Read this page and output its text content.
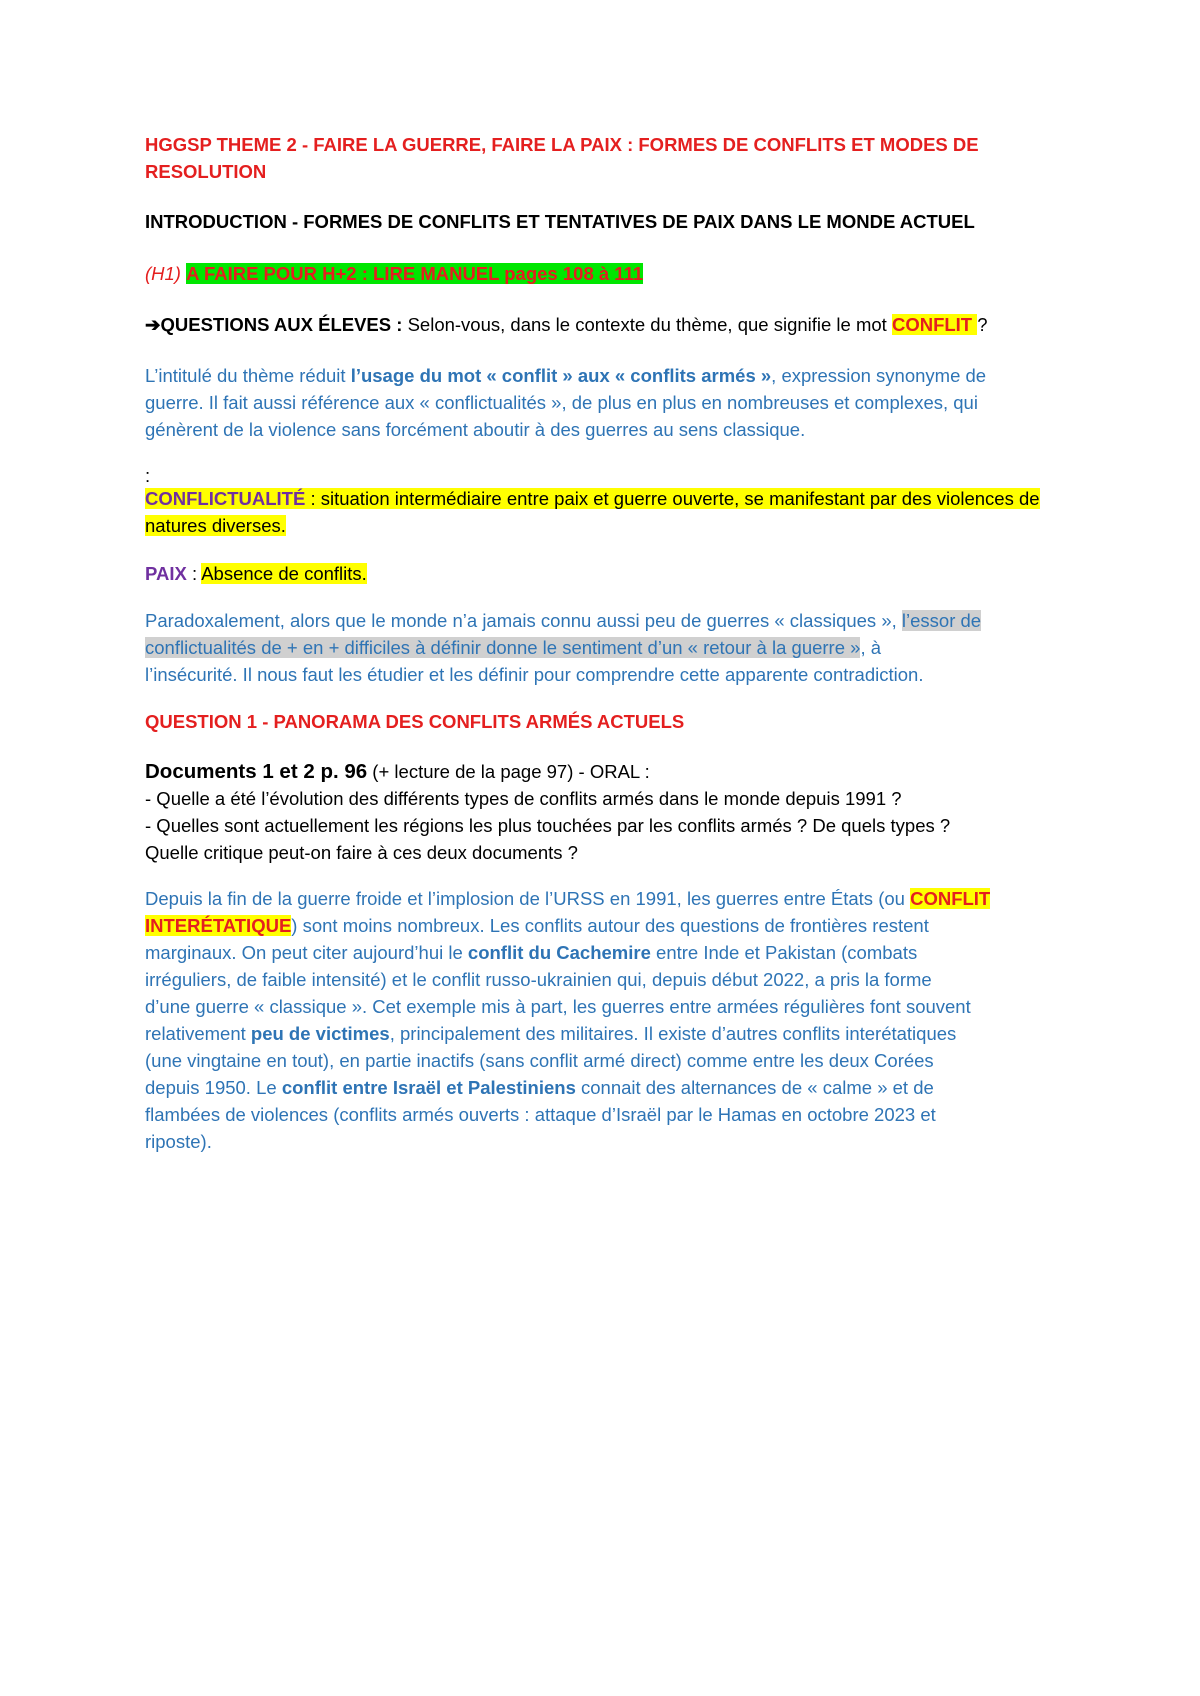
HGGSP THEME 2 - FAIRE LA GUERRE, FAIRE LA PAIX : FORMES DE CONFLITS ET MODES DE
RESOLUTION
INTRODUCTION - FORMES DE CONFLITS ET TENTATIVES DE PAIX DANS LE MONDE ACTUEL
(H1) A FAIRE POUR H+2 : LIRE MANUEL pages 108 à 111
➔QUESTIONS AUX ÉLEVES : Selon-vous, dans le contexte du thème, que signifie le mot CONFLIT ?
L’intitulé du thème réduit l’usage du mot « conflit » aux « conflits armés », expression synonyme de
guerre. Il fait aussi référence aux « conflictualités », de plus en plus en nombreuses et complexes, qui
génèrent de la violence sans forcément aboutir à des guerres au sens classique.
:
CONFLICTUALITÉ : situation intermédiaire entre paix et guerre ouverte, se manifestant par des violences de
natures diverses.
PAIX : Absence de conflits.
Paradoxalement, alors que le monde n’a jamais connu aussi peu de guerres « classiques », l’essor de
conflictualités de + en + difficiles à définir donne le sentiment d’un « retour à la guerre », à
l’insécurité. Il nous faut les étudier et les définir pour comprendre cette apparente contradiction.
QUESTION 1 - PANORAMA DES CONFLITS ARMÉS ACTUELS
Documents 1 et 2 p. 96 (+ lecture de la page 97) - ORAL :
- Quelle a été l’évolution des différents types de conflits armés dans le monde depuis 1991 ?
- Quelles sont actuellement les régions les plus touchées par les conflits armés ? De quels types ?
Quelle critique peut-on faire à ces deux documents ?
Depuis la fin de la guerre froide et l’implosion de l’URSS en 1991, les guerres entre États (ou CONFLIT
INTERÉTATIQUE) sont moins nombreux. Les conflits autour des questions de frontières restent
marginaux. On peut citer aujourd’hui le conflit du Cachemire entre Inde et Pakistan (combats
irréguliers, de faible intensité) et le conflit russo-ukrainien qui, depuis début 2022, a pris la forme
d’une guerre « classique ». Cet exemple mis à part, les guerres entre armées régulières font souvent
relativement peu de victimes, principalement des militaires. Il existe d’autres conflits interétatiques
(une vingtaine en tout), en partie inactifs (sans conflit armé direct) comme entre les deux Corées
depuis 1950. Le conflit entre Israël et Palestiniens connait des alternances de « calme » et de
flambées de violences (conflits armés ouverts : attaque d’Israël par le Hamas en octobre 2023 et
riposte).
